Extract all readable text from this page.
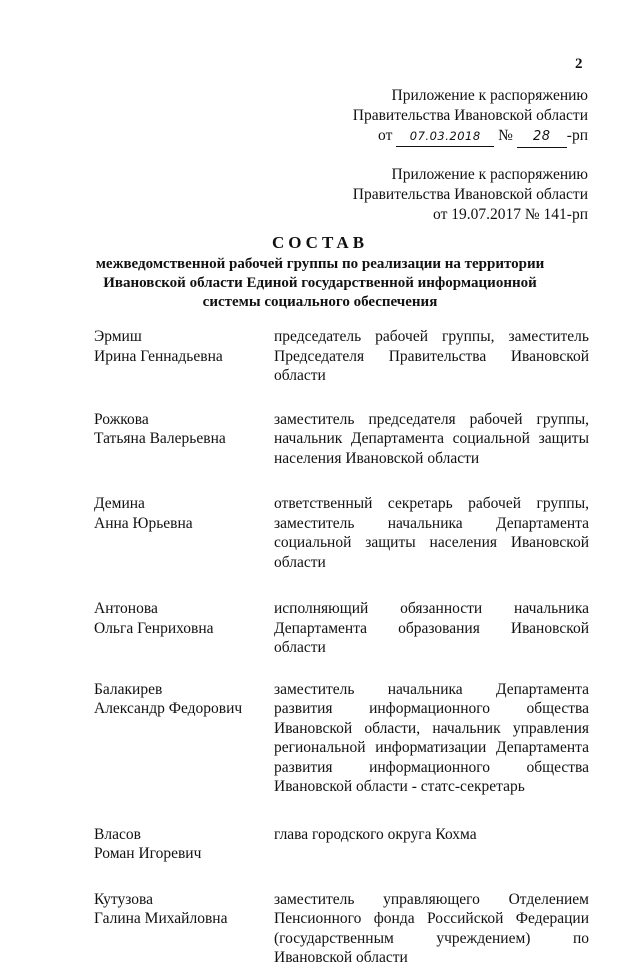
2
Приложение к распоряжению
Правительства Ивановской области
от 07.03.2018 № 28 -рп
Приложение к распоряжению
Правительства Ивановской области
от 19.07.2017 № 141-рп
СОСТАВ
межведомственной рабочей группы по реализации на территории Ивановской области Единой государственной информационной системы социального обеспечения
Эрмиш
Ирина Геннадьевна
председатель рабочей группы, заместитель Председателя Правительства Ивановской области
Рожкова
Татьяна Валерьевна
заместитель председателя рабочей группы, начальник Департамента социальной защиты населения Ивановской области
Демина
Анна Юрьевна
ответственный секретарь рабочей группы, заместитель начальника Департамента социальной защиты населения Ивановской области
Антонова
Ольга Генриховна
исполняющий обязанности начальника Департамента образования Ивановской области
Балакирев
Александр Федорович
заместитель начальника Департамента развития информационного общества Ивановской области, начальник управления региональной информатизации Департамента развития информационного общества Ивановской области - статс-секретарь
Власов
Роман Игоревич
глава городского округа Кохма
Кутузова
Галина Михайловна
заместитель управляющего Отделением Пенсионного фонда Российской Федерации (государственным учреждением) по Ивановской области
